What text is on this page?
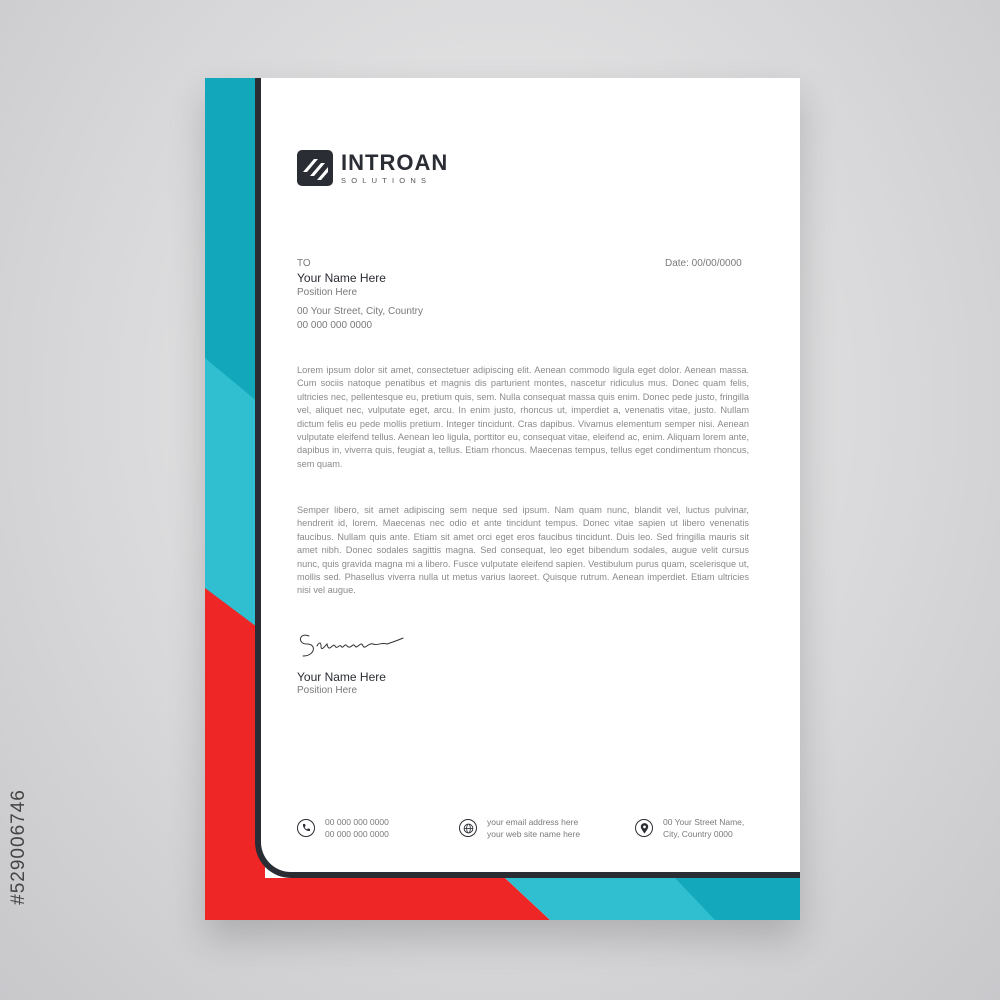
INTROAN
SOLUTIONS
TO
Your Name Here
Position Here
00 Your Street, City, Country
00 000 000 0000
Date: 00/00/0000
Lorem ipsum dolor sit amet, consectetuer adipiscing elit. Aenean commodo ligula eget dolor. Aenean massa. Cum sociis natoque penatibus et magnis dis parturient montes, nascetur ridiculus mus. Donec quam felis, ultricies nec, pellentesque eu, pretium quis, sem. Nulla consequat massa quis enim. Donec pede justo, fringilla vel, aliquet nec, vulputate eget, arcu. In enim justo, rhoncus ut, imperdiet a, venenatis vitae, justo. Nullam dictum felis eu pede mollis pretium. Integer tincidunt. Cras dapibus. Vivamus elementum semper nisi. Aenean vulputate eleifend tellus. Aenean leo ligula, porttitor eu, consequat vitae, eleifend ac, enim. Aliquam lorem ante, dapibus in, viverra quis, feugiat a, tellus. Etiam rhoncus. Maecenas tempus, tellus eget condimentum rhoncus, sem quam.
Semper libero, sit amet adipiscing sem neque sed ipsum. Nam quam nunc, blandit vel, luctus pulvinar, hendrerit id, lorem. Maecenas nec odio et ante tincidunt tempus. Donec vitae sapien ut libero venenatis faucibus. Nullam quis ante. Etiam sit amet orci eget eros faucibus tincidunt. Duis leo. Sed fringilla mauris sit amet nibh. Donec sodales sagittis magna. Sed consequat, leo eget bibendum sodales, augue velit cursus nunc, quis gravida magna mi a libero. Fusce vulputate eleifend sapien. Vestibulum purus quam, scelerisque ut, mollis sed. Phasellus viverra nulla ut metus varius laoreet. Quisque rutrum. Aenean imperdiet. Etiam ultricies nisi vel augue.
Your Name Here
Position Here
00 000 000 0000
00 000 000 0000
your email address here
your web site name here
00 Your Street Name,
City, Country 0000
#529006746
